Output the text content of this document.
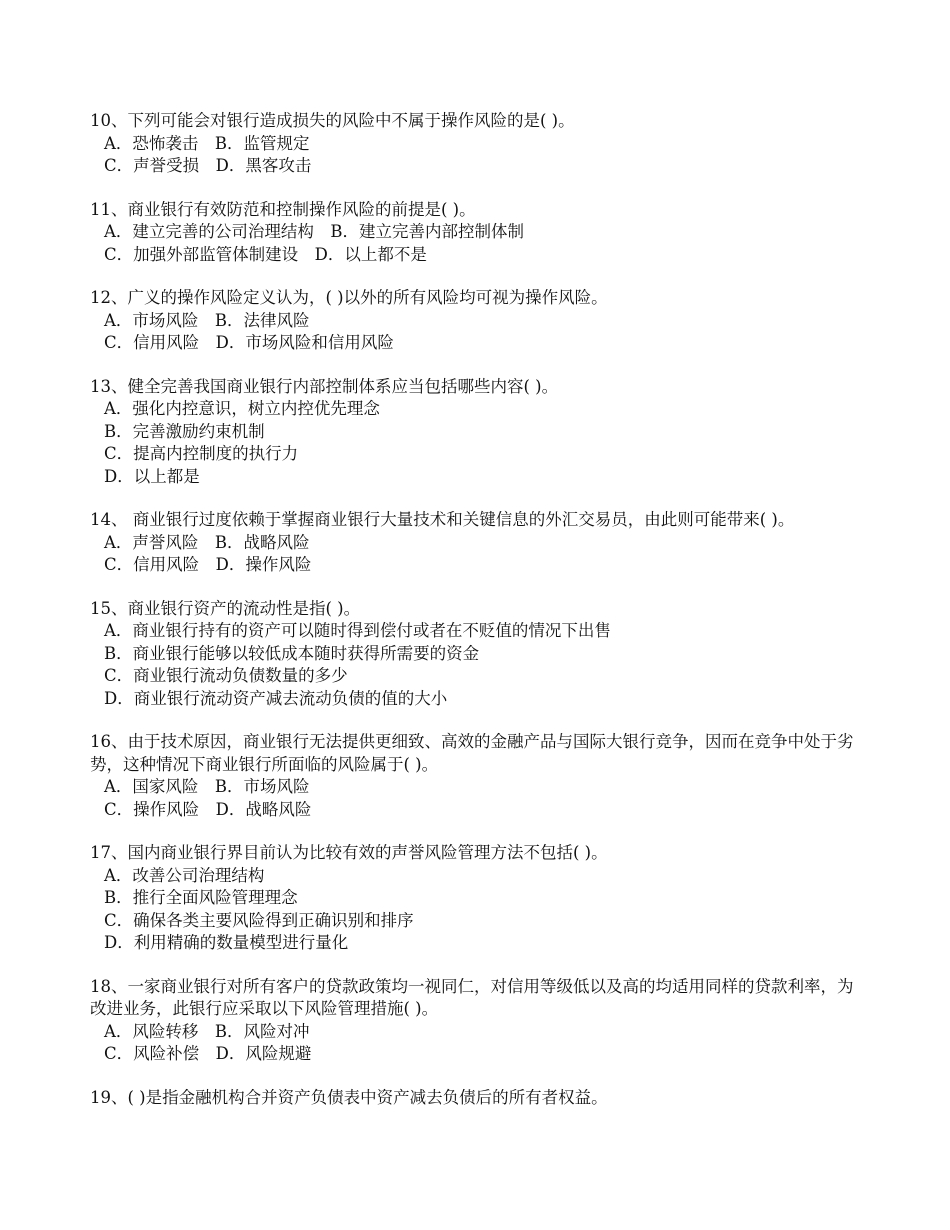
10、下列可能会对银行造成损失的风险中不属于操作风险的是( )。

A．恐怖袭击　B．监管规定

C．声誉受损　D．黑客攻击

11、商业银行有效防范和控制操作风险的前提是( )。

A．建立完善的公司治理结构　B．建立完善内部控制体制

C．加强外部监管体制建设　D．以上都不是

12、广义的操作风险定义认为，( )以外的所有风险均可视为操作风险。

A．市场风险　B．法律风险

C．信用风险　D．市场风险和信用风险

13、健全完善我国商业银行内部控制体系应当包括哪些内容( )。

A．强化内控意识，树立内控优先理念

B．完善激励约束机制

C．提高内控制度的执行力

D．以上都是

14、 商业银行过度依赖于掌握商业银行大量技术和关键信息的外汇交易员，由此则可能带来( )。

A．声誉风险　B．战略风险

C．信用风险　D．操作风险

15、商业银行资产的流动性是指( )。

A．商业银行持有的资产可以随时得到偿付或者在不贬值的情况下出售

B．商业银行能够以较低成本随时获得所需要的资金

C．商业银行流动负债数量的多少

D．商业银行流动资产减去流动负债的值的大小

16、由于技术原因，商业银行无法提供更细致、高效的金融产品与国际大银行竞争，因而在竞争中处于劣势，这种情况下商业银行所面临的风险属于( )。

A．国家风险　B．市场风险

C．操作风险　D．战略风险

17、国内商业银行界目前认为比较有效的声誉风险管理方法不包括( )。

A．改善公司治理结构

B．推行全面风险管理理念

C．确保各类主要风险得到正确识别和排序

D．利用精确的数量模型进行量化

18、一家商业银行对所有客户的贷款政策均一视同仁，对信用等级低以及高的均适用同样的贷款利率，为改进业务，此银行应采取以下风险管理措施( )。

A．风险转移　B．风险对冲

C．风险补偿　D．风险规避

19、( )是指金融机构合并资产负债表中资产减去负债后的所有者权益。
